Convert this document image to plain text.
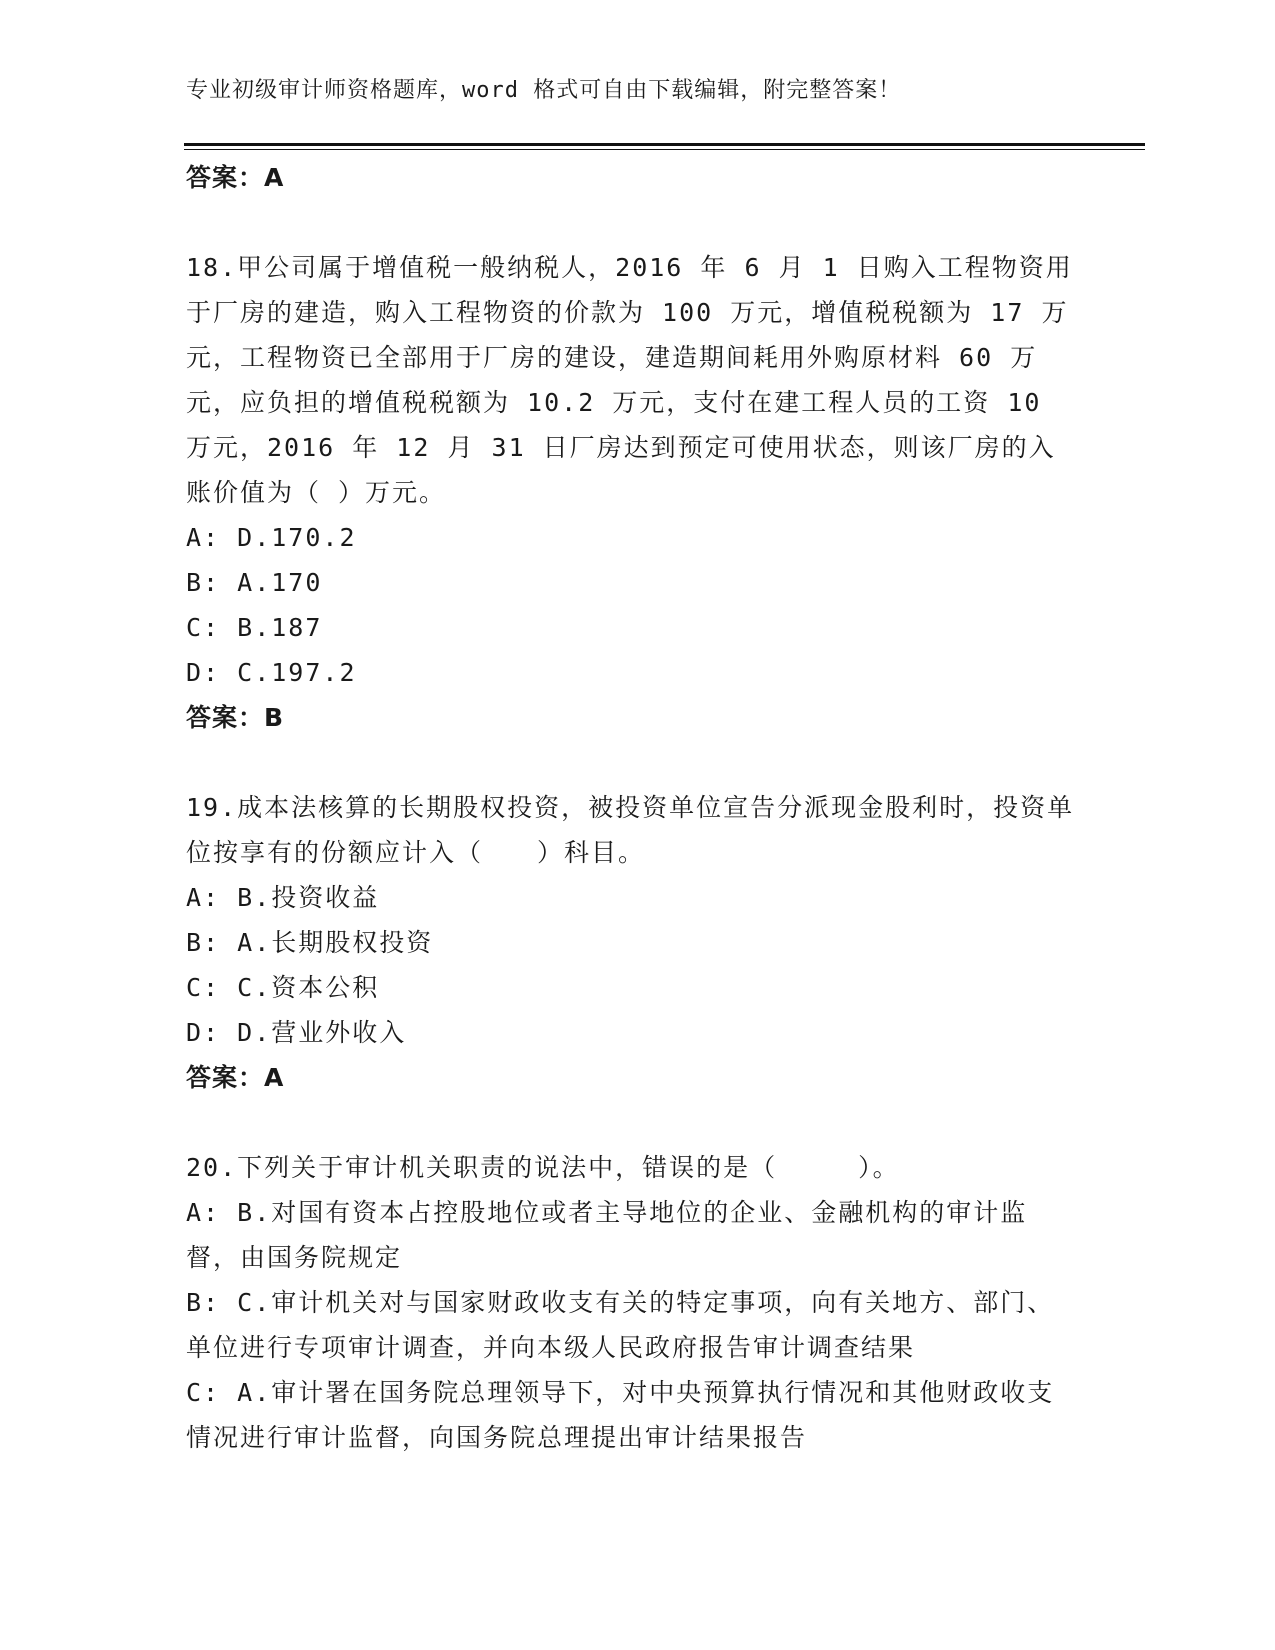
专业初级审计师资格题库，word 格式可自由下载编辑，附完整答案！

答案：A

18.甲公司属于增值税一般纳税人，2016 年 6 月 1 日购入工程物资用于厂房的建造，购入工程物资的价款为 100 万元，增值税税额为 17 万元，工程物资已全部用于厂房的建设，建造期间耗用外购原材料 60 万元，应负担的增值税税额为 10.2 万元，支付在建工程人员的工资 10 万元，2016 年 12 月 31 日厂房达到预定可使用状态，则该厂房的入账价值为（ ）万元。

A: D.170.2

B: A.170

C: B.187

D: C.197.2

答案：B

19.成本法核算的长期股权投资，被投资单位宣告分派现金股利时，投资单位按享有的份额应计入（　　）科目。

A: B.投资收益

B: A.长期股权投资

C: C.资本公积

D: D.营业外收入

答案：A

20.下列关于审计机关职责的说法中，错误的是（　　　）。

A: B.对国有资本占控股地位或者主导地位的企业、金融机构的审计监督，由国务院规定

B: C.审计机关对与国家财政收支有关的特定事项，向有关地方、部门、单位进行专项审计调查，并向本级人民政府报告审计调查结果

C: A.审计署在国务院总理领导下，对中央预算执行情况和其他财政收支情况进行审计监督，向国务院总理提出审计结果报告
